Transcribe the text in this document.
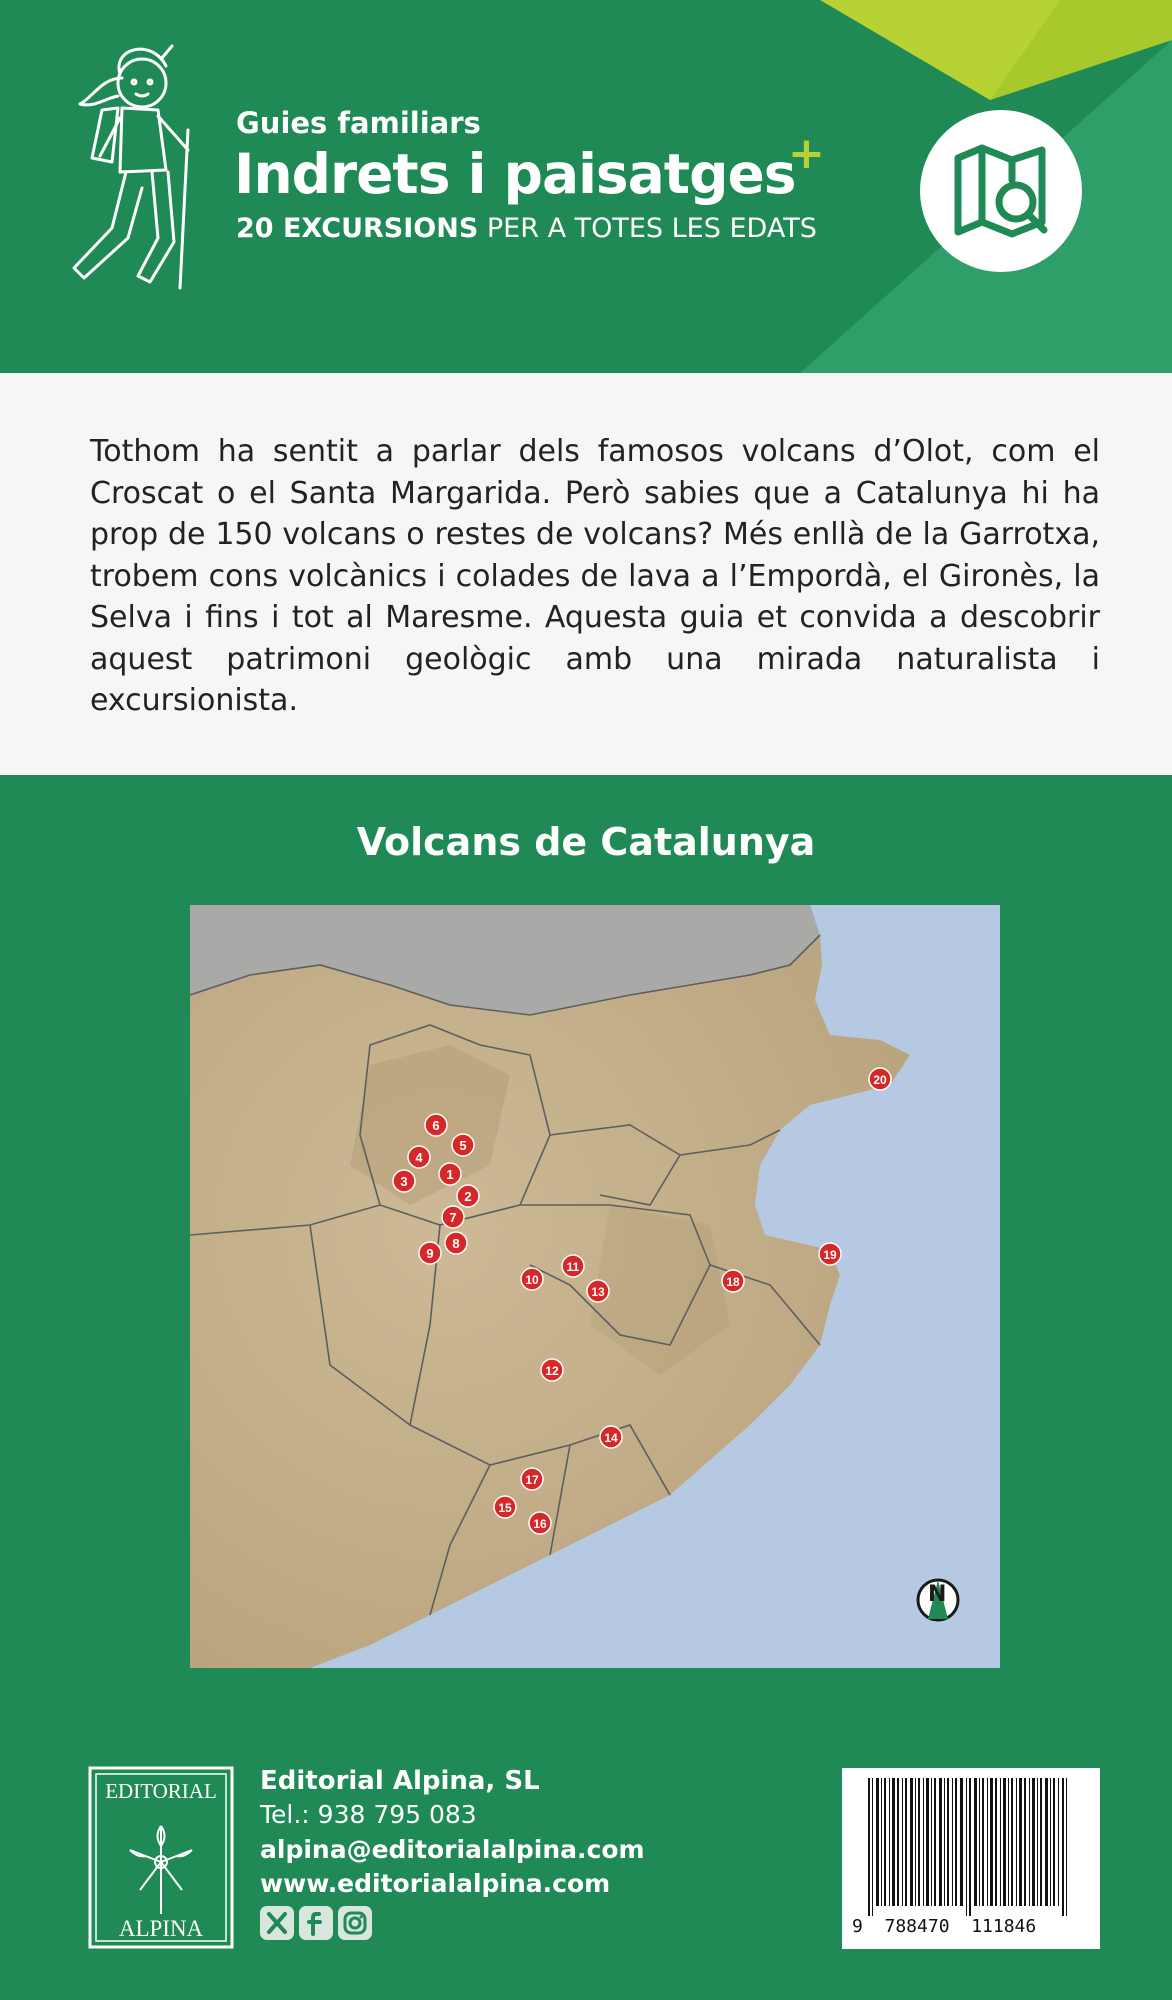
Guies familiars
Indrets i paisatges
+
20 EXCURSIONS PER A TOTES LES EDATS
Tothom ha sentit a parlar dels famosos volcans d’Olot, com el Croscat o el Santa Margarida. Però sabies que a Catalunya hi ha prop de 150 volcans o restes de volcans? Més enllà de la Garrotxa, trobem cons volcànics i colades de lava a l’Empordà, el Gironès, la Selva i fins i tot al Maresme. Aquesta guia et convida a descobrir aquest patrimoni geològic amb una mirada naturalista i excursionista.
Volcans de Catalunya
1
2
3
4
5
6
7
8
9
10
11
12
13
14
15
16
17
18
19
20
N
EDITORIAL
ALPINA
Editorial Alpina, SL
Tel.: 938 795 083
alpina@editorialalpina.com
www.editorialalpina.com
9  788470  111846
